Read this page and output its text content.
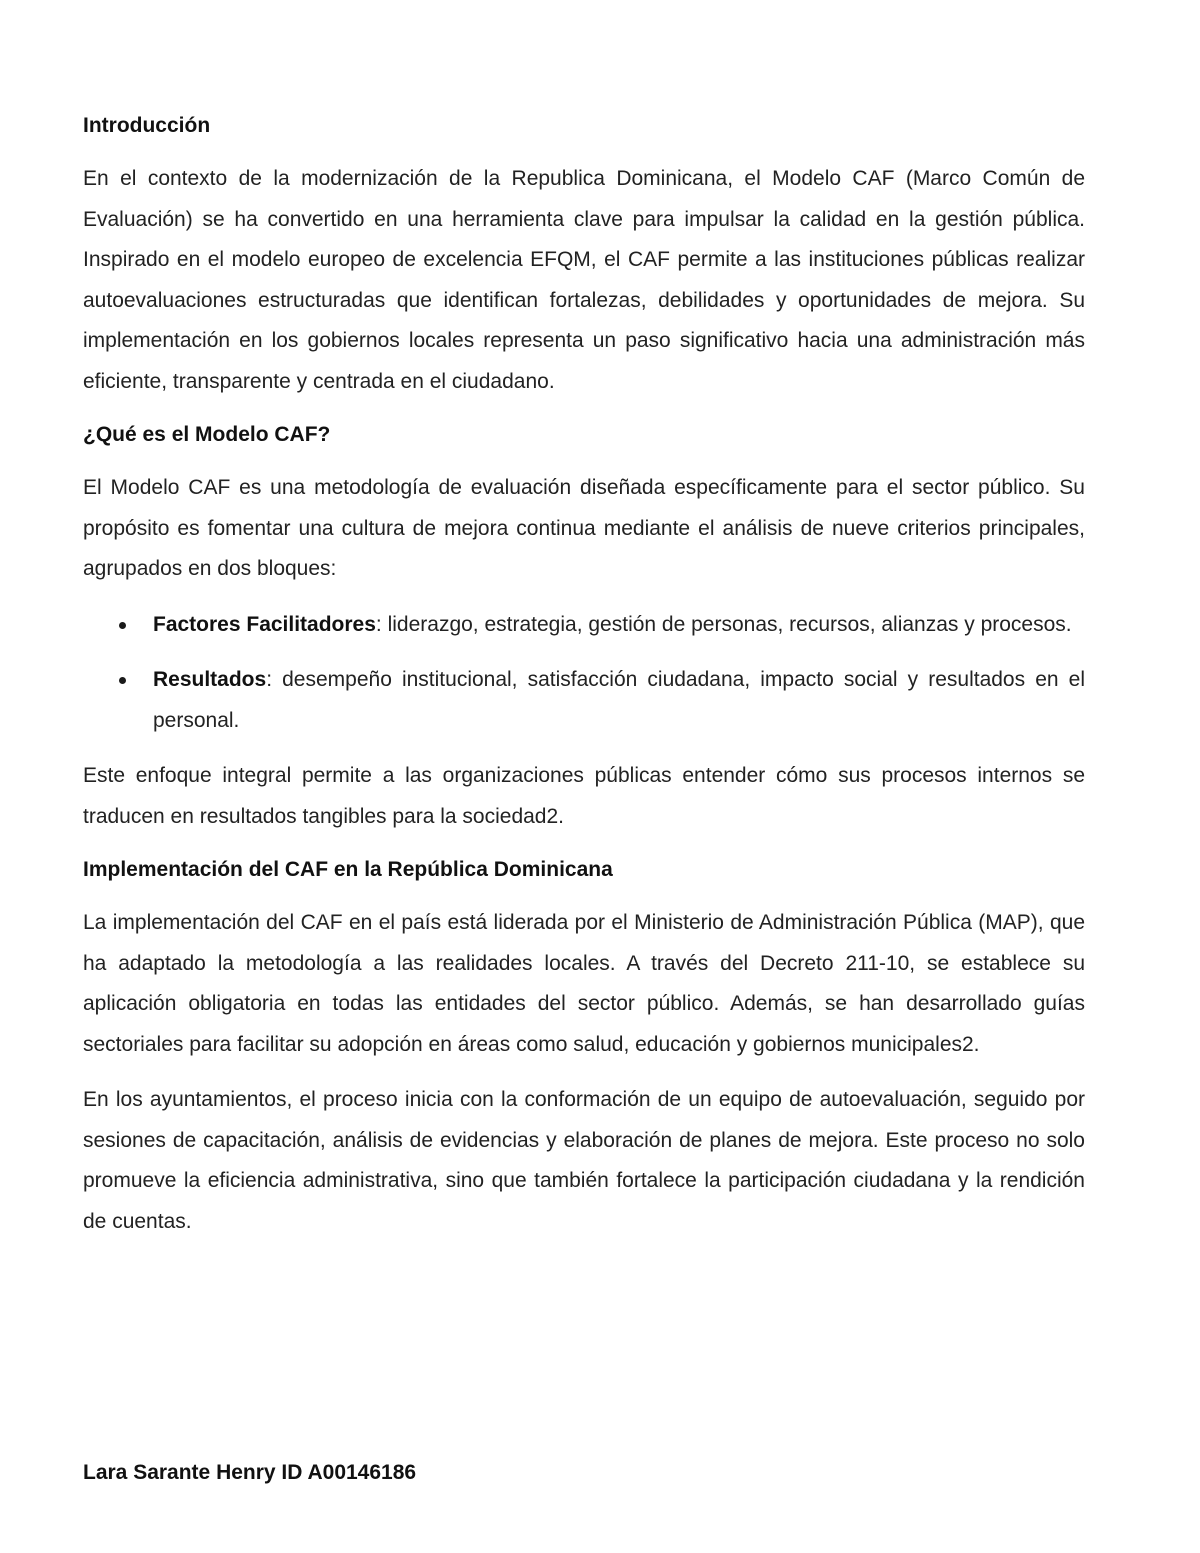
Introducción

En el contexto de la modernización de la Republica Dominicana, el Modelo CAF (Marco Común de Evaluación) se ha convertido en una herramienta clave para impulsar la calidad en la gestión pública. Inspirado en el modelo europeo de excelencia EFQM, el CAF permite a las instituciones públicas realizar autoevaluaciones estructuradas que identifican fortalezas, debilidades y oportunidades de mejora. Su implementación en los gobiernos locales representa un paso significativo hacia una administración más eficiente, transparente y centrada en el ciudadano.

¿Qué es el Modelo CAF?

El Modelo CAF es una metodología de evaluación diseñada específicamente para el sector público. Su propósito es fomentar una cultura de mejora continua mediante el análisis de nueve criterios principales, agrupados en dos bloques:

Factores Facilitadores: liderazgo, estrategia, gestión de personas, recursos, alianzas y procesos.
Resultados: desempeño institucional, satisfacción ciudadana, impacto social y resultados en el personal.

Este enfoque integral permite a las organizaciones públicas entender cómo sus procesos internos se traducen en resultados tangibles para la sociedad2.

Implementación del CAF en la República Dominicana

La implementación del CAF en el país está liderada por el Ministerio de Administración Pública (MAP), que ha adaptado la metodología a las realidades locales. A través del Decreto 211-10, se establece su aplicación obligatoria en todas las entidades del sector público. Además, se han desarrollado guías sectoriales para facilitar su adopción en áreas como salud, educación y gobiernos municipales2.

En los ayuntamientos, el proceso inicia con la conformación de un equipo de autoevaluación, seguido por sesiones de capacitación, análisis de evidencias y elaboración de planes de mejora. Este proceso no solo promueve la eficiencia administrativa, sino que también fortalece la participación ciudadana y la rendición de cuentas.

Lara Sarante Henry ID A00146186
